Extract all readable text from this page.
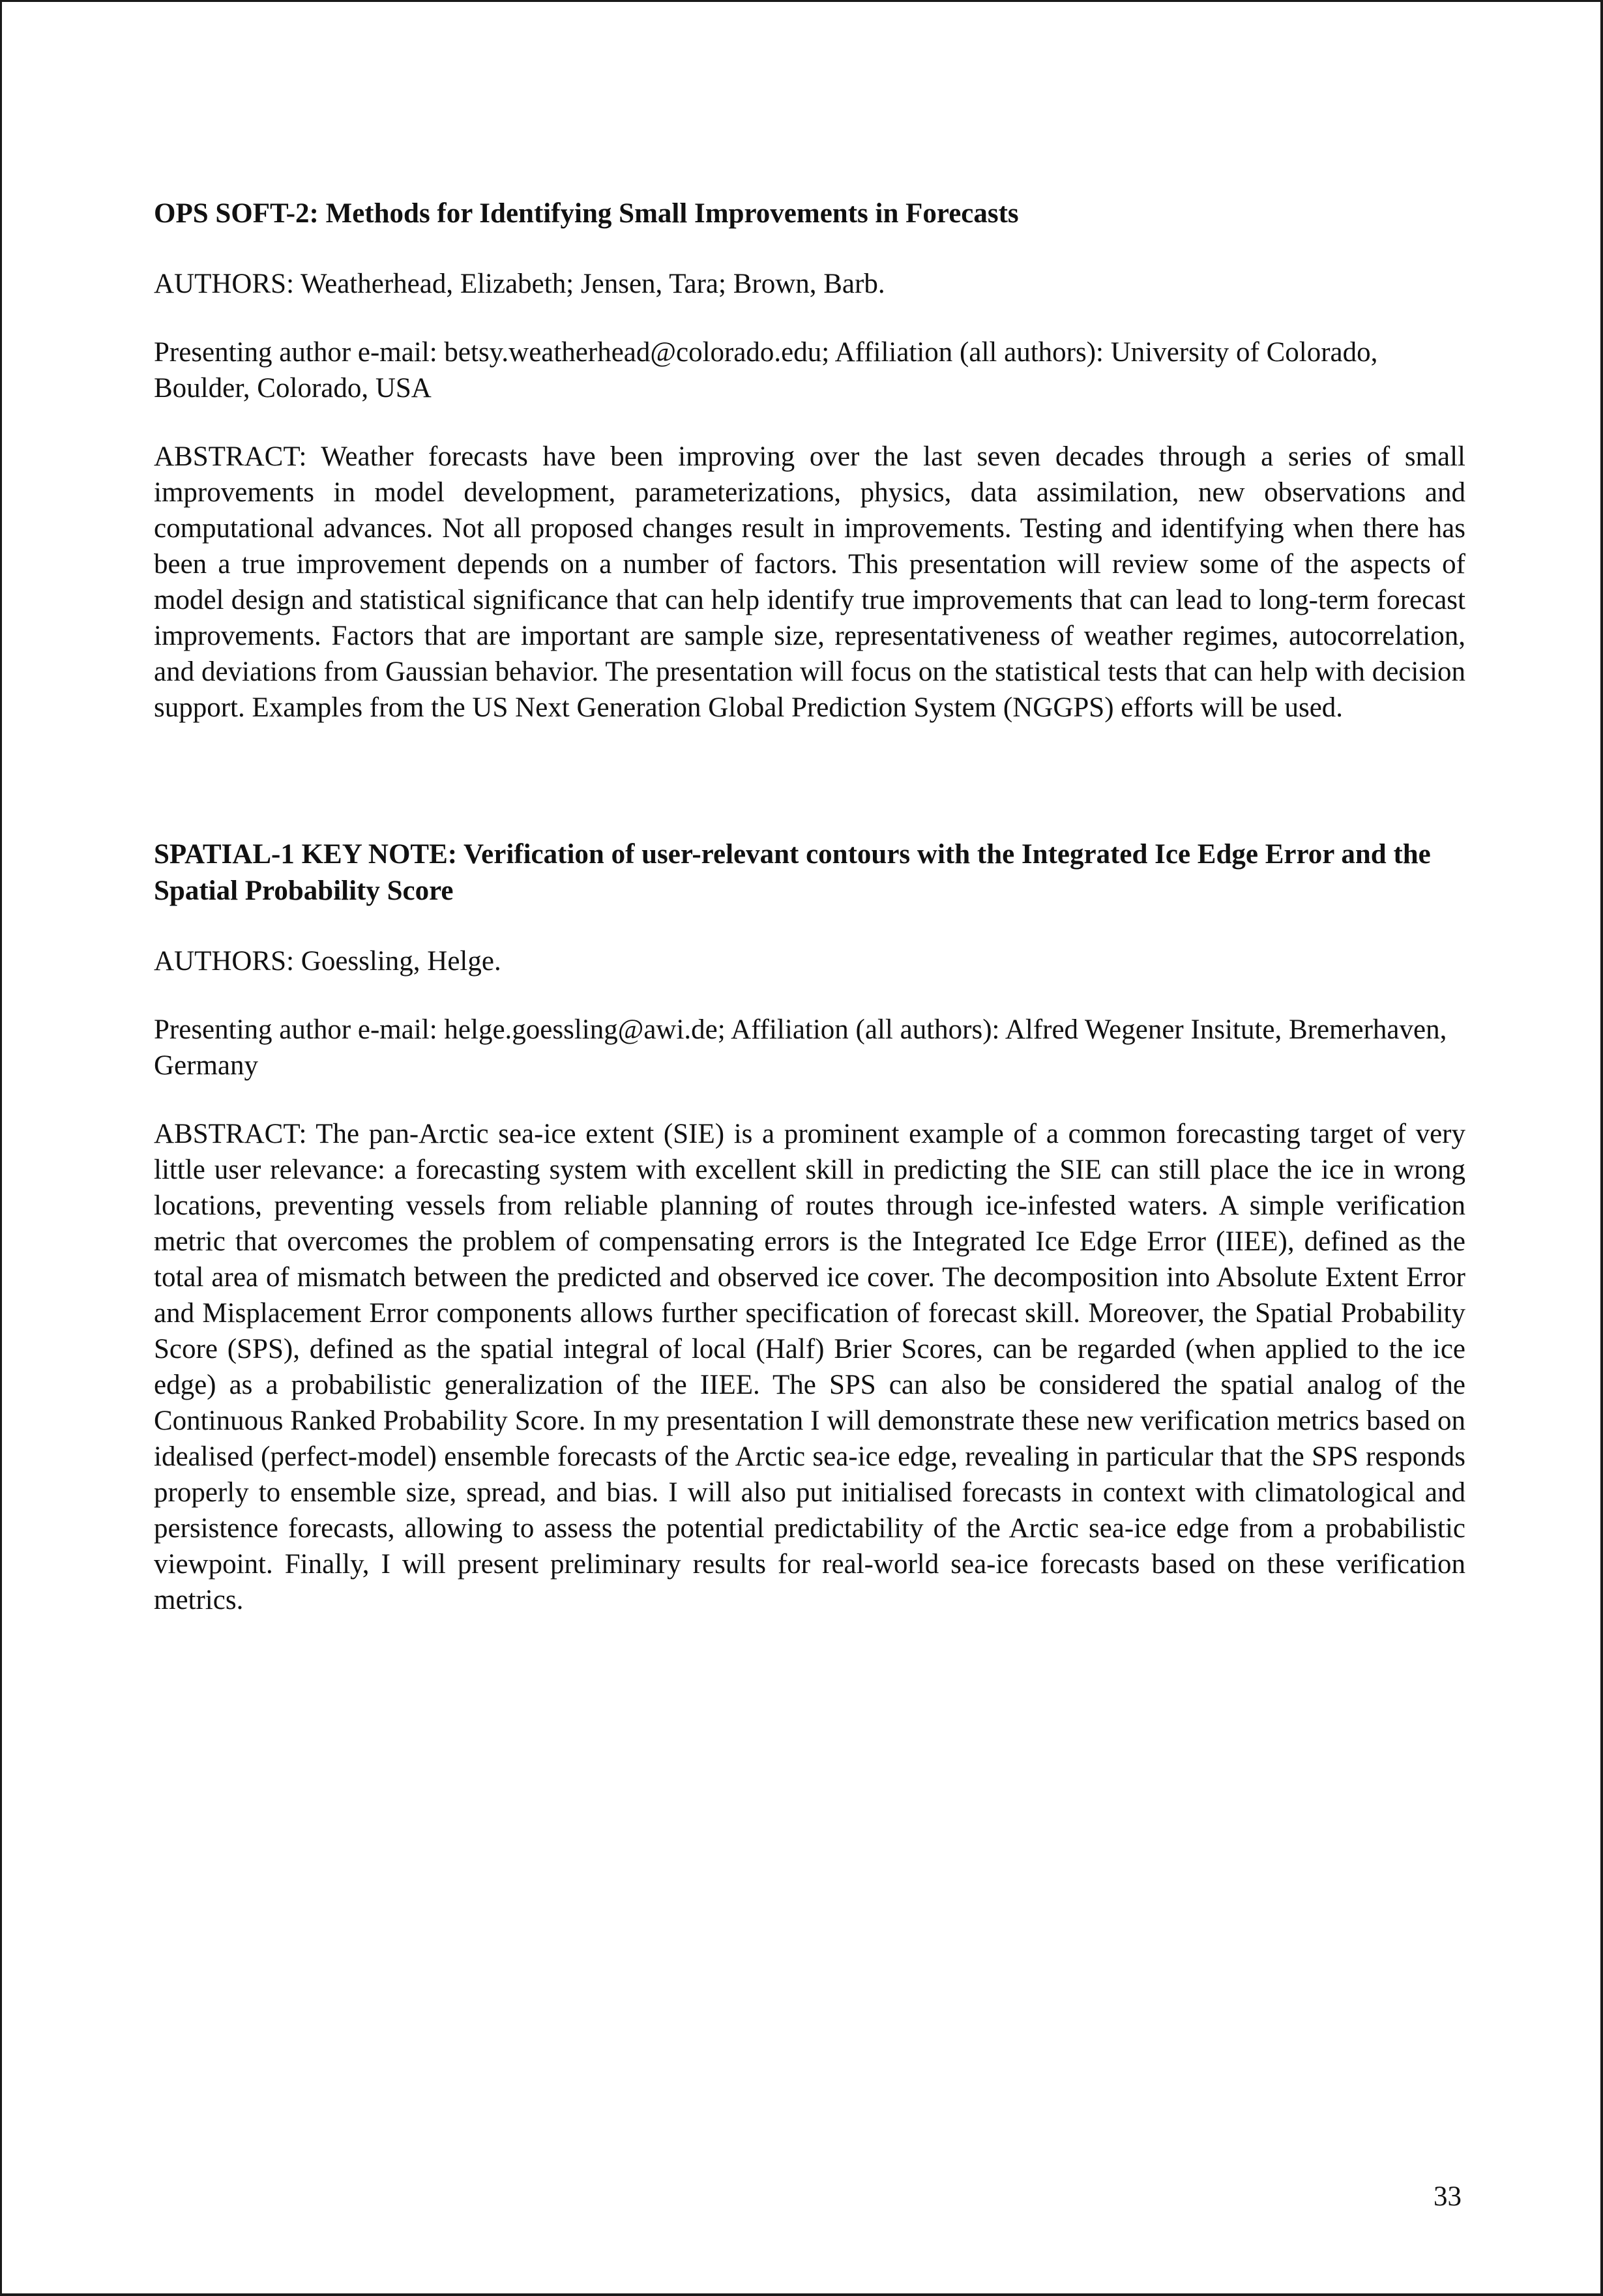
OPS SOFT-2: Methods for Identifying Small Improvements in Forecasts

AUTHORS: Weatherhead, Elizabeth; Jensen, Tara; Brown, Barb.

Presenting author e-mail: betsy.weatherhead@colorado.edu; Affiliation (all authors): University of Colorado, Boulder, Colorado, USA

ABSTRACT: Weather forecasts have been improving over the last seven decades through a series of small improvements in model development, parameterizations, physics, data assimilation, new observations and computational advances. Not all proposed changes result in improvements. Testing and identifying when there has been a true improvement depends on a number of factors. This presentation will review some of the aspects of model design and statistical significance that can help identify true improvements that can lead to long-term forecast improvements. Factors that are important are sample size, representativeness of weather regimes, autocorrelation, and deviations from Gaussian behavior. The presentation will focus on the statistical tests that can help with decision support. Examples from the US Next Generation Global Prediction System (NGGPS) efforts will be used.

SPATIAL-1 KEY NOTE: Verification of user-relevant contours with the Integrated Ice Edge Error and the Spatial Probability Score

AUTHORS: Goessling, Helge.

Presenting author e-mail: helge.goessling@awi.de; Affiliation (all authors): Alfred Wegener Insitute, Bremerhaven, Germany

ABSTRACT: The pan-Arctic sea-ice extent (SIE) is a prominent example of a common forecasting target of very little user relevance: a forecasting system with excellent skill in predicting the SIE can still place the ice in wrong locations, preventing vessels from reliable planning of routes through ice-infested waters. A simple verification metric that overcomes the problem of compensating errors is the Integrated Ice Edge Error (IIEE), defined as the total area of mismatch between the predicted and observed ice cover. The decomposition into Absolute Extent Error and Misplacement Error components allows further specification of forecast skill. Moreover, the Spatial Probability Score (SPS), defined as the spatial integral of local (Half) Brier Scores, can be regarded (when applied to the ice edge) as a probabilistic generalization of the IIEE. The SPS can also be considered the spatial analog of the Continuous Ranked Probability Score. In my presentation I will demonstrate these new verification metrics based on idealised (perfect-model) ensemble forecasts of the Arctic sea-ice edge, revealing in particular that the SPS responds properly to ensemble size, spread, and bias. I will also put initialised forecasts in context with climatological and persistence forecasts, allowing to assess the potential predictability of the Arctic sea-ice edge from a probabilistic viewpoint. Finally, I will present preliminary results for real-world sea-ice forecasts based on these verification metrics.

33
